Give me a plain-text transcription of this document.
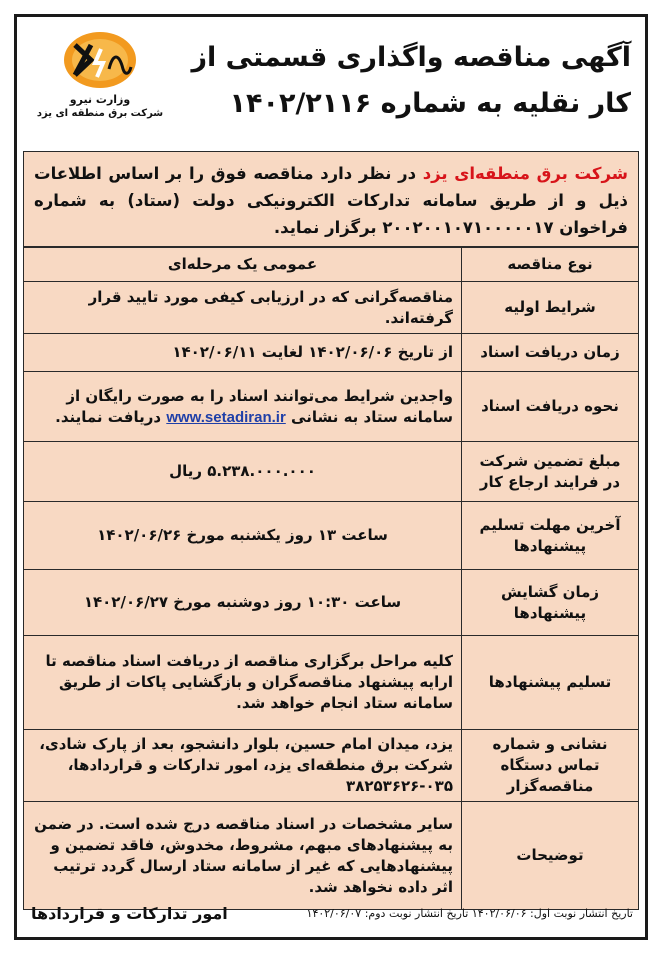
آگهی مناقصه واگذاری قسمتی از
کار نقلیه به شماره ۱۴۰۲/۲۱۱۶
وزارت نیرو
شرکت برق منطقه ای یزد
شرکت برق منطقه‌ای یزد در نظر دارد مناقصه فوق را بر اساس اطلاعات ذیل و از طریق سامانه تدارکات الکترونیکی دولت (ستاد) به شماره فراخوان ۲۰۰۲۰۰۱۰۷۱۰۰۰۰۰۱۷ برگزار نماید.
نوع مناقصه	عمومی یک مرحله‌ای
شرایط اولیه	مناقصه‌گرانی که در ارزیابی کیفی مورد تایید قرار گرفته‌اند.
زمان دریافت اسناد	از تاریخ ۱۴۰۲/۰۶/۰۶ لغایت ۱۴۰۲/۰۶/۱۱
نحوه دریافت اسناد	واجدین شرایط می‌توانند اسناد را به صورت رایگان از سامانه ستاد به نشانی www.setadiran.ir دریافت نمایند.
مبلغ تضمین شرکت در فرایند ارجاع کار	۵.۲۳۸.۰۰۰.۰۰۰ ریال
آخرین مهلت تسلیم پیشنهادها	ساعت ۱۳ روز یکشنبه مورخ ۱۴۰۲/۰۶/۲۶
زمان گشایش پیشنهادها	ساعت ۱۰:۳۰ روز دوشنبه مورخ ۱۴۰۲/۰۶/۲۷
تسلیم پیشنهادها	کلیه مراحل برگزاری مناقصه از دریافت اسناد مناقصه تا ارایه پیشنهاد مناقصه‌گران و بازگشایی پاکات از طریق سامانه ستاد انجام خواهد شد.
نشانی و شماره تماس دستگاه مناقصه‌گزار	یزد، میدان امام حسین، بلوار دانشجو، بعد از پارک شادی، شرکت برق منطقه‌ای یزد، امور تدارکات و قراردادها، ۰۳۵-۳۸۲۵۳۶۲۶
توضیحات	سایر مشخصات در اسناد مناقصه درج شده است. در ضمن به پیشنهادهای مبهم، مشروط، مخدوش، فاقد تضمین و پیشنهادهایی که غیر از سامانه ستاد ارسال گردد ترتیب اثر داده نخواهد شد.
تاریخ انتشار نوبت اول: ۱۴۰۲/۰۶/۰۶ تاریخ انتشار نوبت دوم: ۱۴۰۲/۰۶/۰۷
امور تدارکات و قراردادها
